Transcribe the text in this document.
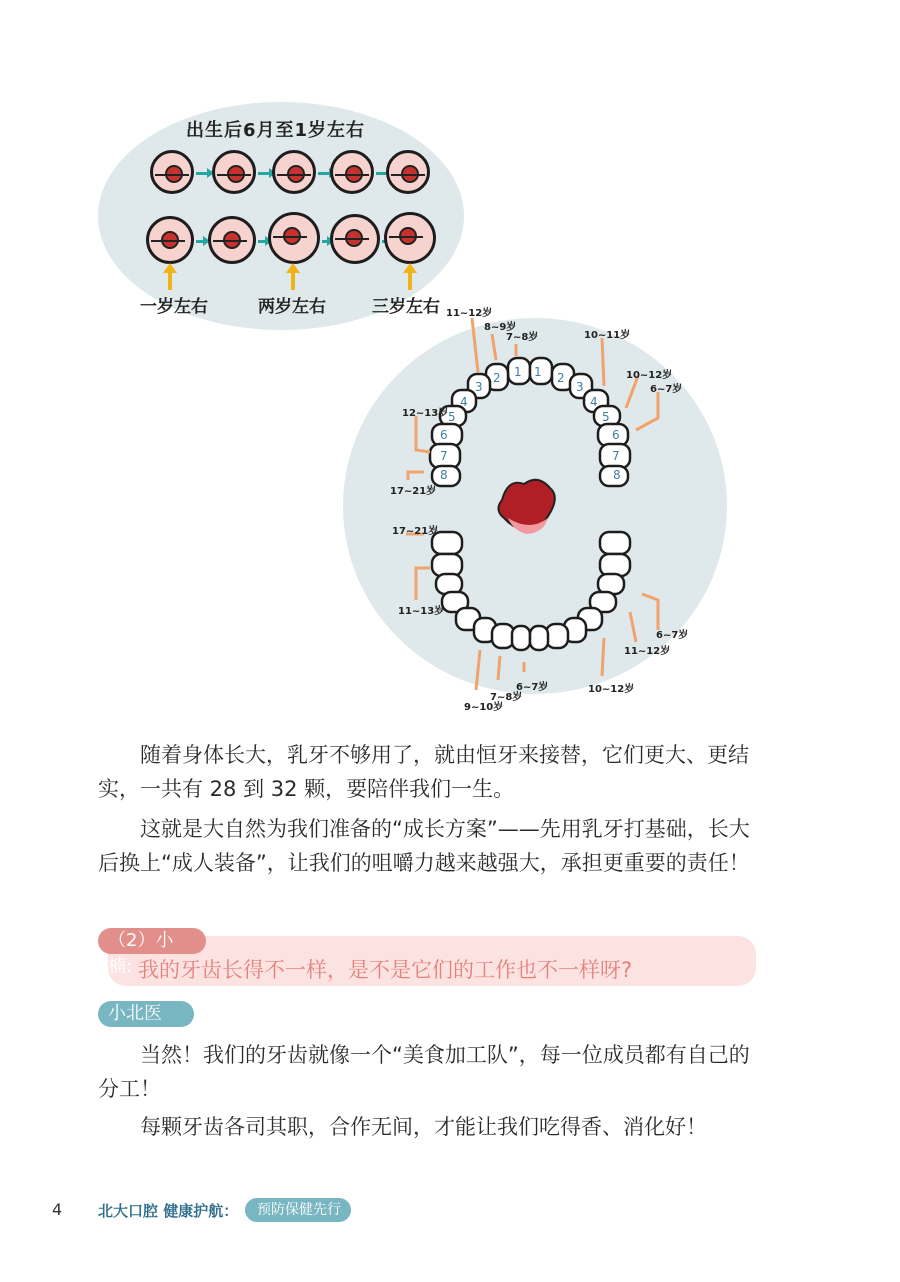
出生后6月至1岁左右
一岁左右	两岁左右	三岁左右
1
1	2
2
3
3
4
4
5
5
6
6
7
7
8
8
11~12岁
8~9岁
7~8岁	10~11岁
10~12岁
6~7岁
12~13岁
17~21岁
17~21岁
11~13岁
6~7岁
11~12岁
10~12岁
9~10岁
7~8岁
6~7岁

随着身体长大，乳牙不够用了，就由恒牙来接替，它们更大、更结实，一共有 28 到 32 颗，要陪伴我们一生。

这就是大自然为我们准备的“成长方案”——先用乳牙打基础，长大后换上“成人装备”，让我们的咀嚼力越来越强大，承担更重要的责任！

（2）小楠: 我的牙齿长得不一样，是不是它们的工作也不一样呀?
小北医生:

当然！我们的牙齿就像一个“美食加工队”，每一位成员都有自己的分工！

每颗牙齿各司其职，合作无间，才能让我们吃得香、消化好！

4 北大口腔 健康护航：	预防保健先行
